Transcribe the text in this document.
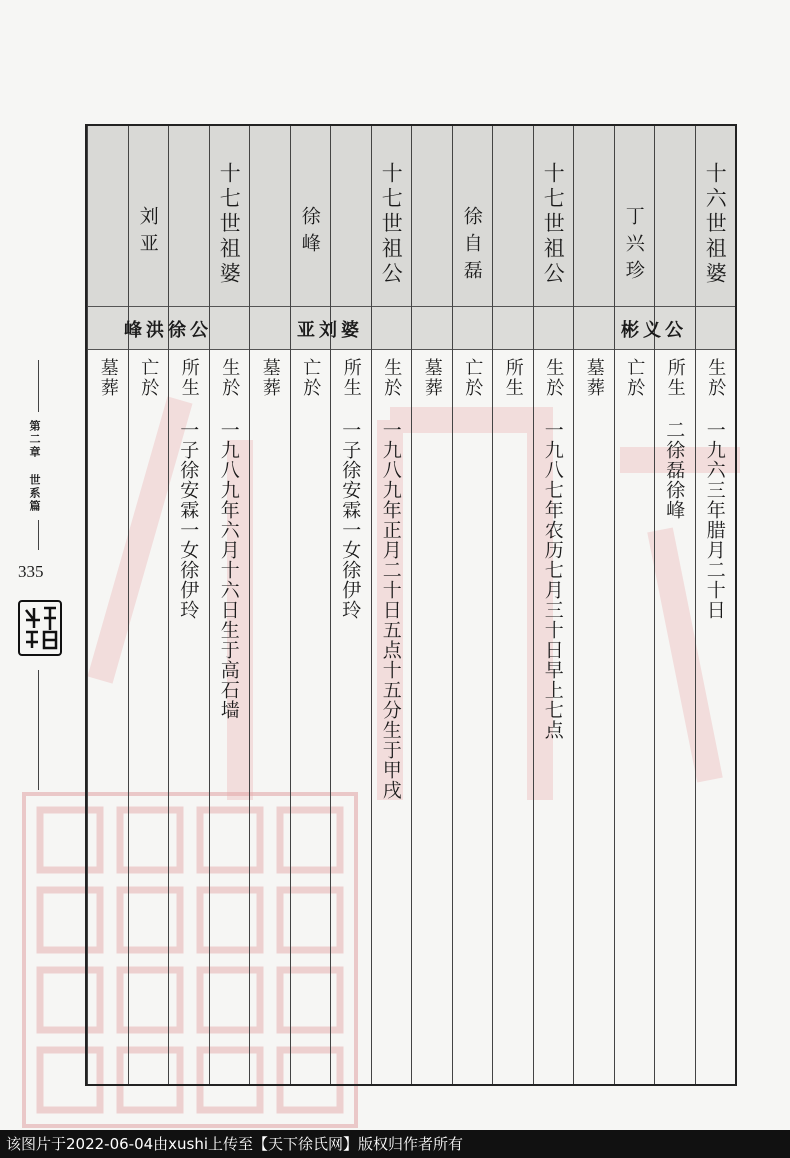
第二章 世系篇
335
十六世祖婆
生於
一九六三年腊月二十日
所生
二徐磊徐峰
丁兴珍
亡於
墓葬
十七世祖公
生於
一九八七年农历七月三十日早上七点
所生
徐自磊
亡於
墓葬
十七世祖公
生於
一九八九年正月二十日五点十五分生于甲戌
所生
一子徐安霖一女徐伊玲
徐峰
亡於
墓葬
十七世祖婆
生於
一九八九年六月十六日生于高石墙
所生
一子徐安霖一女徐伊玲
刘亚
亡於
墓葬
彬义公
亚刘婆
峰洪徐公
该图片于2022-06-04由xushi上传至【天下徐氏网】版权归作者所有
